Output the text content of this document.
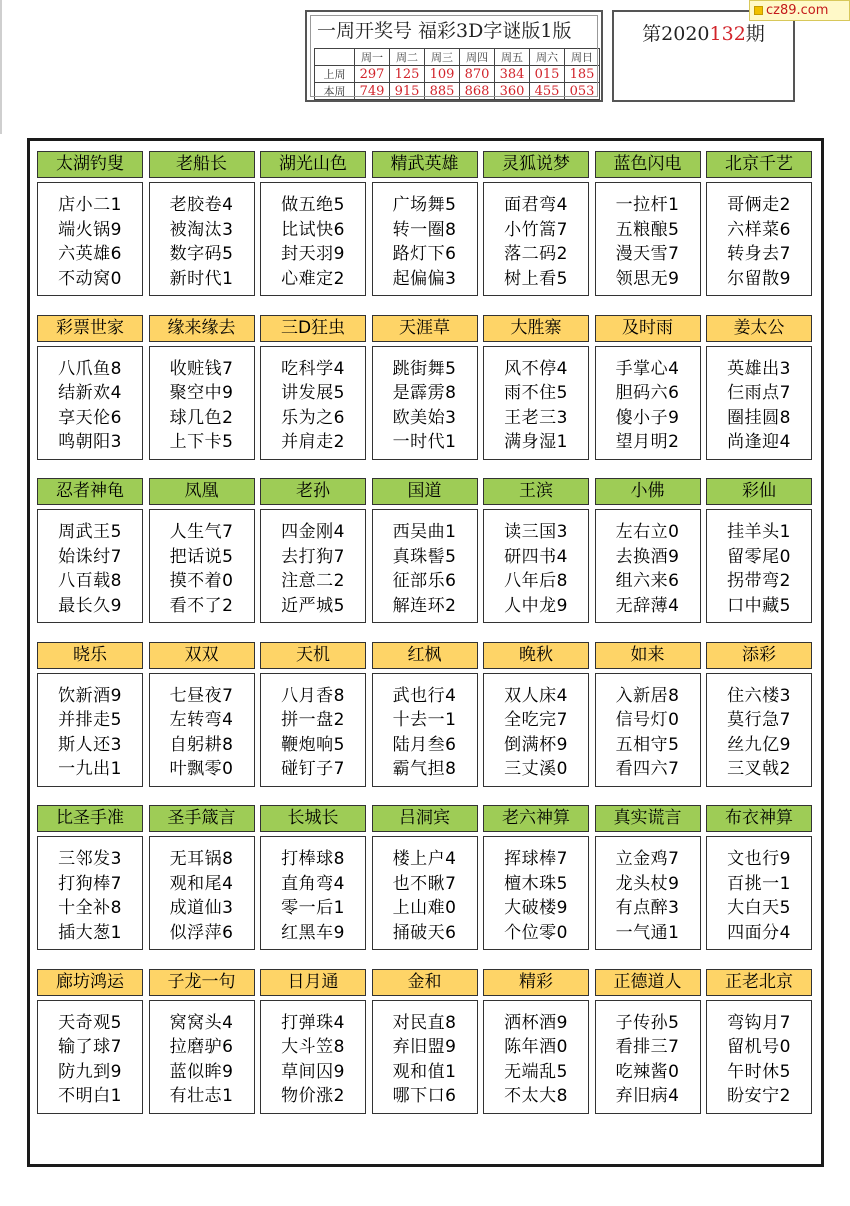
一周开奖号 福彩3D字谜版1版
	周一	周二	周三	周四	周五	周六	周日
上周	297	125	109	870	384	015	185
本周	749	915	885	868	360	455	053
第2020132期
cz89.com
太湖钓叟
店小二1
端火锅9
六英雄6
不动窝0
老船长
老胶卷4
被淘汰3
数字码5
新时代1
湖光山色
做五绝5
比试快6
封天羽9
心难定2
精武英雄
广场舞5
转一圈8
路灯下6
起偏偏3
灵狐说梦
面君弯4
小竹篙7
落二码2
树上看5
蓝色闪电
一拉杆1
五粮酿5
漫天雪7
领思无9
北京千艺
哥俩走2
六样菜6
转身去7
尔留散9
彩票世家
八爪鱼8
结新欢4
享天伦6
鸣朝阳3
缘来缘去
收赃钱7
聚空中9
球几色2
上下卡5
三D狂虫
吃科学4
讲发展5
乐为之6
并肩走2
天涯草
跳街舞5
是霹雳8
欧美始3
一时代1
大胜寨
风不停4
雨不住5
王老三3
满身湿1
及时雨
手掌心4
胆码六6
傻小子9
望月明2
姜太公
英雄出3
仨雨点7
圈挂圆8
尚逢迎4
忍者神龟
周武王5
始诛纣7
八百载8
最长久9
凤凰
人生气7
把话说5
摸不着0
看不了2
老孙
四金刚4
去打狗7
注意二2
近严城5
国道
西吴曲1
真珠髻5
征部乐6
解连环2
王滨
读三国3
研四书4
八年后8
人中龙9
小佛
左右立0
去换酒9
组六来6
无辞薄4
彩仙
挂羊头1
留零尾0
拐带弯2
口中藏5
晓乐
饮新酒9
并排走5
斯人还3
一九出1
双双
七昼夜7
左转弯4
自躬耕8
叶飘零0
天机
八月香8
拼一盘2
鞭炮响5
碰钉子7
红枫
武也行4
十去一1
陆月叁6
霸气担8
晚秋
双人床4
全吃完7
倒满杯9
三丈溪0
如来
入新居8
信号灯0
五相守5
看四六7
添彩
住六楼3
莫行急7
丝九亿9
三叉戟2
比圣手准
三邻发3
打狗棒7
十全补8
插大葱1
圣手箴言
无耳锅8
观和尾4
成道仙3
似浮萍6
长城长
打棒球8
直角弯4
零一后1
红黑车9
吕洞宾
楼上户4
也不瞅7
上山难0
捅破天6
老六神算
挥球棒7
檀木珠5
大破楼9
个位零0
真实谎言
立金鸡7
龙头杖9
有点醉3
一气通1
布衣神算
文也行9
百挑一1
大白天5
四面分4
廊坊鸿运
天奇观5
输了球7
防九到9
不明白1
子龙一句
窝窝头4
拉磨驴6
蓝似眸9
有壮志1
日月通
打弹珠4
大斗笠8
草间囚9
物价涨2
金和
对民直8
弃旧盟9
观和值1
哪下口6
精彩
洒杯酒9
陈年酒0
无端乱5
不太大8
正德道人
子传孙5
看排三7
吃辣酱0
弃旧病4
正老北京
弯钩月7
留机号0
午时休5
盼安宁2
